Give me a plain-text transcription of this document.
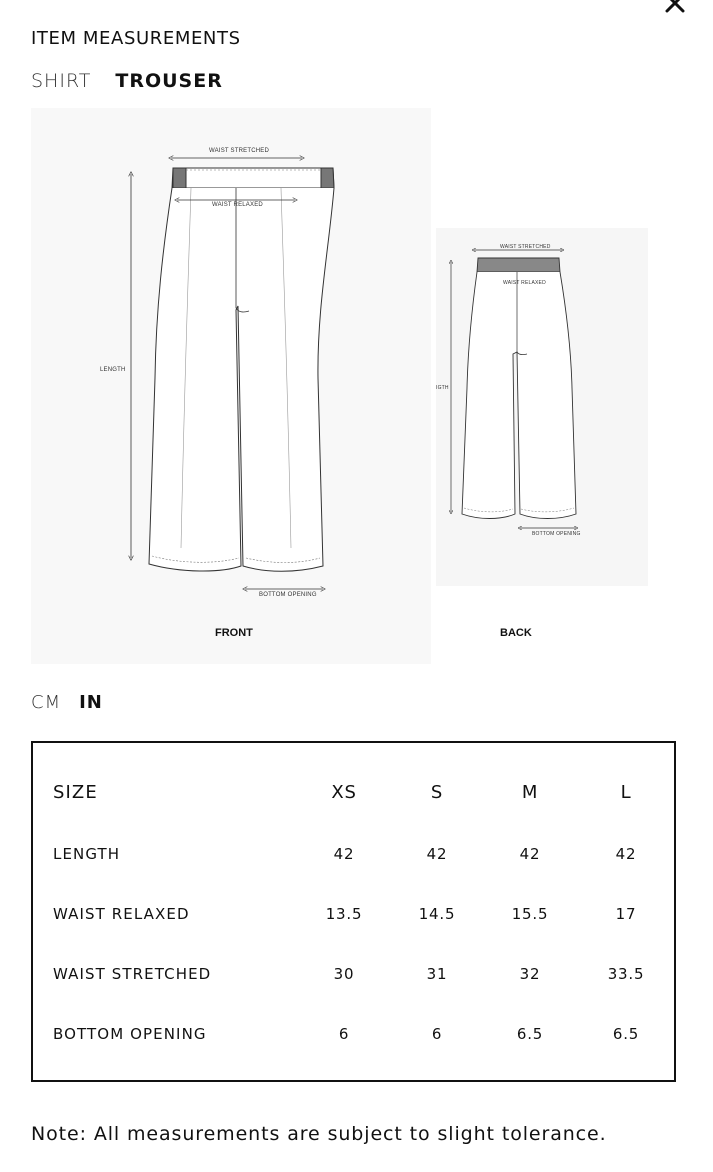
ITEM MEASUREMENTS
SHIRT TROUSER
WAIST STRETCHED
WAIST RELAXED
LENGTH
BOTTOM OPENING
FRONT
WAIST STRETCHED
WAIST RELAXED
IGTH
BOTTOM OPENING
BACK
CM IN
SIZE	XS	S	M	L
LENGTH	42	42	42	42
WAIST RELAXED	13.5	14.5	15.5	17
WAIST STRETCHED	30	31	32	33.5
BOTTOM OPENING	6	6	6.5	6.5

Note: All measurements are subject to slight tolerance.
